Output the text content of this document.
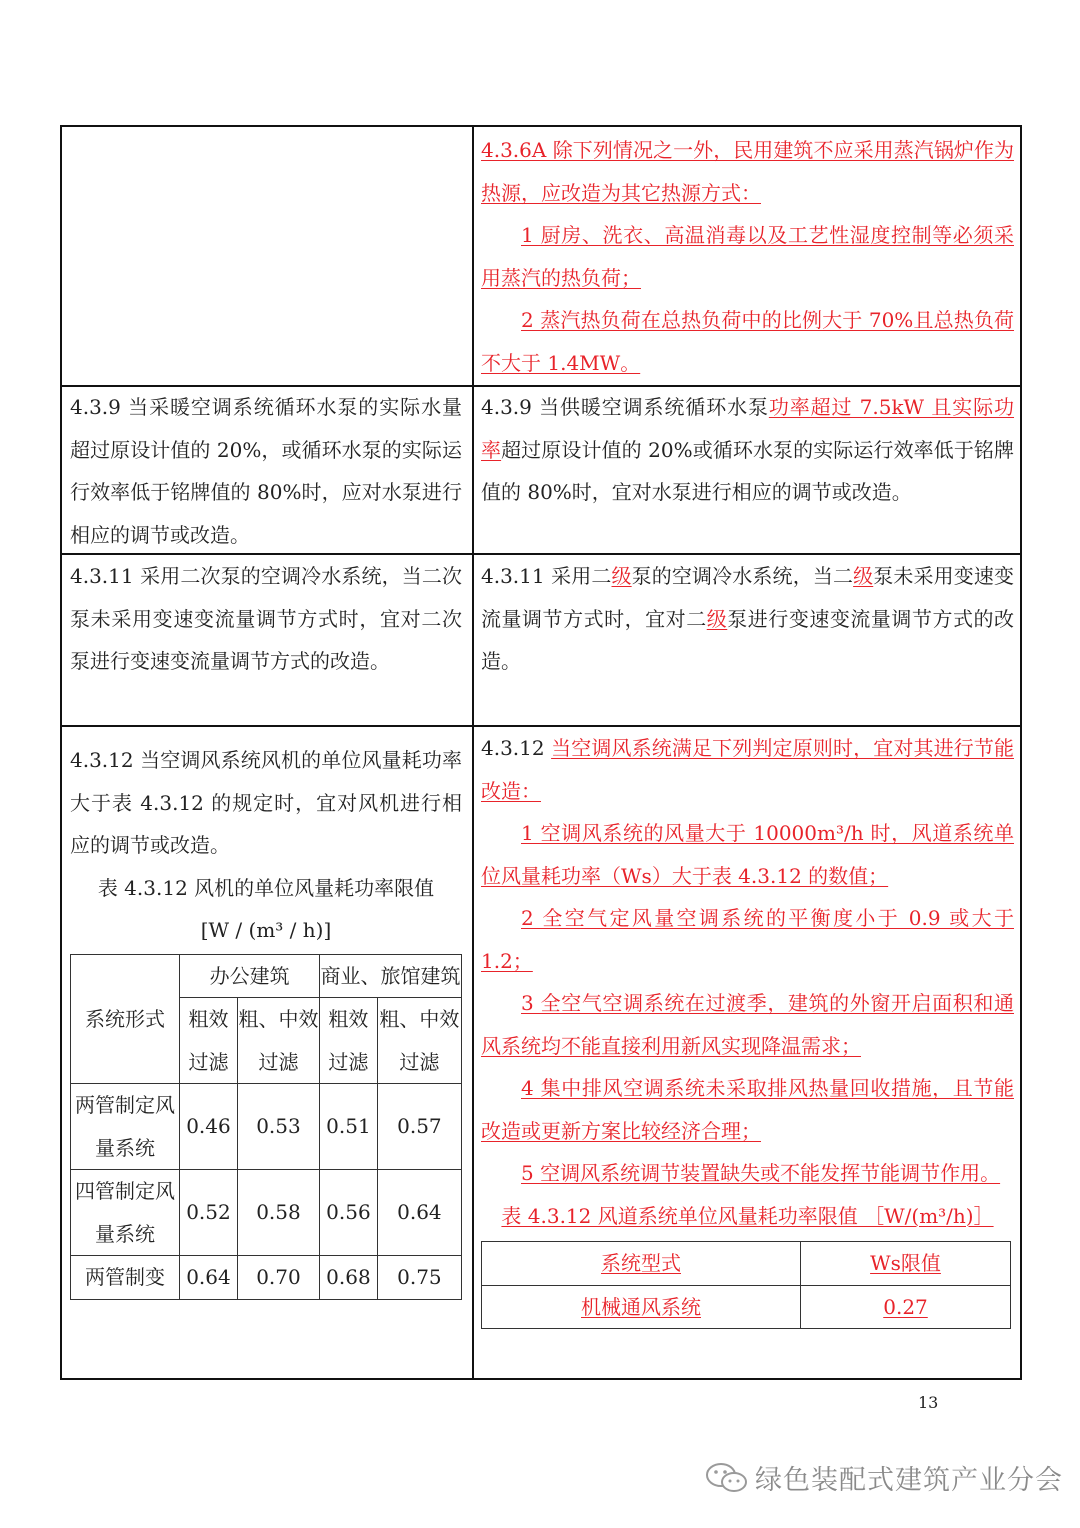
4.3.6A 除下列情况之一外，民用建筑不应采用蒸汽锅炉作为热源，应改造为其它热源方式：

1 厨房、洗衣、高温消毒以及工艺性湿度控制等必须采用蒸汽的热负荷；

2 蒸汽热负荷在总热负荷中的比例大于 70%且总热负荷不大于 1.4MW。

4.3.9 当采暖空调系统循环水泵的实际水量超过原设计值的 20%，或循环水泵的实际运行效率低于铭牌值的 80%时，应对水泵进行相应的调节或改造。

4.3.9 当供暖空调系统循环水泵功率超过 7.5kW 且实际功率超过原设计值的 20%或循环水泵的实际运行效率低于铭牌值的 80%时，宜对水泵进行相应的调节或改造。

4.3.11 采用二次泵的空调冷水系统，当二次泵未采用变速变流量调节方式时，宜对二次泵进行变速变流量调节方式的改造。

4.3.11 采用二级泵的空调冷水系统，当二级泵未采用变速变流量调节方式时，宜对二级泵进行变速变流量调节方式的改造。

4.3.12 当空调风系统风机的单位风量耗功率大于表 4.3.12 的规定时，宜对风机进行相应的调节或改造。

表 4.3.12 风机的单位风量耗功率限值

[W / (m³ / h)]

系统形式	办公建筑		商业、旅馆建筑	
	粗效过滤	粗、中效过滤	粗效过滤	粗、中效过滤
两管制定风量系统	0.46	0.53	0.51	0.57
四管制定风量系统	0.52	0.58	0.56	0.64
两管制变	0.64	0.70	0.68	0.75

4.3.12 当空调风系统满足下列判定原则时，宜对其进行节能改造：

1 空调风系统的风量大于 10000m³/h 时，风道系统单位风量耗功率（Ws）大于表 4.3.12 的数值；

2 全空气定风量空调系统的平衡度小于 0.9 或大于 1.2；

3 全空气空调系统在过渡季，建筑的外窗开启面积和通风系统均不能直接利用新风实现降温需求；

4 集中排风空调系统未采取排风热量回收措施，且节能改造或更新方案比较经济合理；

5 空调风系统调节装置缺失或不能发挥节能调节作用。

表 4.3.12 风道系统单位风量耗功率限值 ［W/(m³/h)］

系统型式	Ws限值
机械通风系统	0.27
13
绿色装配式建筑产业分会
